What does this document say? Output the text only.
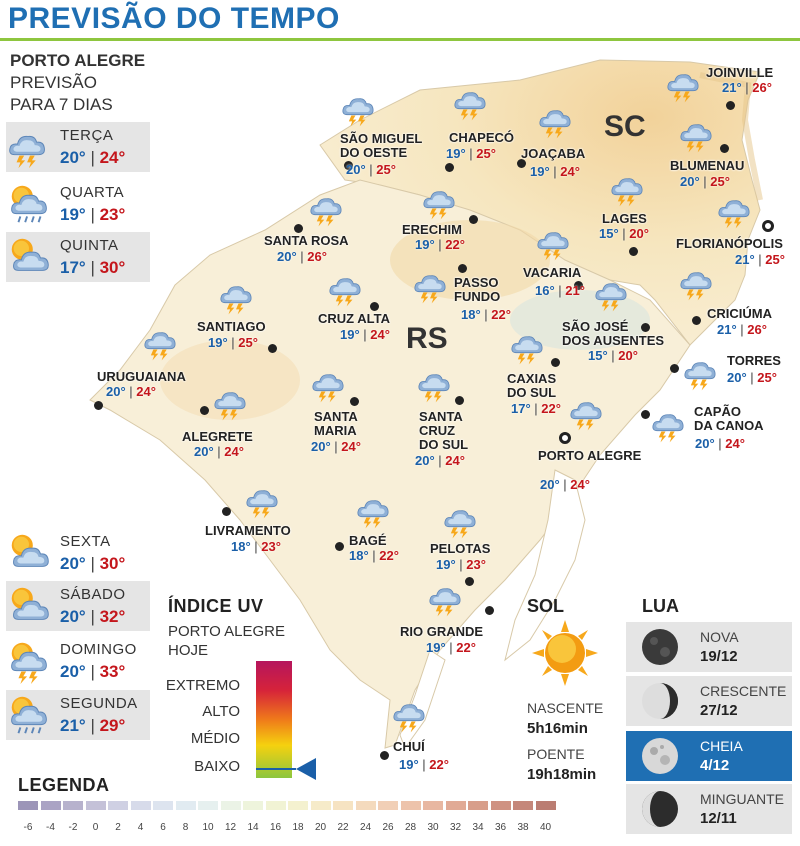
PREVISÃO DO TEMPO
RS
SC
JOINVILLE
21° | 26°
SÃO MIGUEL
DO OESTE
20° | 25°
CHAPECÓ
19° | 25° JOAÇABA
19° | 24°	BLUMENAU
20° | 25°
LAGES
15° | 20°
FLORIANÓPOLIS
21° | 25°
SANTA ROSA
20° | 26°
ERECHIM
19° | 22°
PASSO
FUNDO
18° | 22°
VACARIA
16° | 21°
CRICIÚMA
21° | 26°
SANTIAGO
19° | 25°
CRUZ ALTA
19° | 24°
SÃO JOSÉ
DOS AUSENTES
15° | 20°	TORRES
20° | 25°
URUGUAIANA
20° | 24°
CAXIAS
DO SUL
17° | 22°
ALEGRETE
20° | 24°
SANTA
MARIA
20° | 24°
SANTA
CRUZ
DO SUL
20° | 24°
CAPÃO
DA CANOA
20° | 24°
PORTO ALEGRE
20° | 24°
LIVRAMENTO
18° | 23°	BAGÉ
18° | 22° PELOTAS
19° | 23°
RIO GRANDE
19° | 22°
CHUÍ
19° | 22°
PORTO ALEGRE
PREVISÃO
PARA 7 DIAS
TERÇA
20° | 24°
QUARTA
19° | 23°
QUINTA
17° | 30°
SEXTA
20° | 30°
SÁBADO
20° | 32°
DOMINGO
20° | 33°
SEGUNDA
21° | 29°
ÍNDICE UV
PORTO ALEGRE
HOJE
EXTREMO
ALTO
MÉDIO
BAIXO
SOL
NASCENTE
5h16min
POENTE
19h18min
LUA
NOVA
19/12
CRESCENTE
27/12
CHEIA
4/12
MINGUANTE
12/11
LEGENDA
-6	-4	-2	0	2	4	6	8	10	12	14	16	18	20	22	24	26	28	30	32	34	36	38	40
